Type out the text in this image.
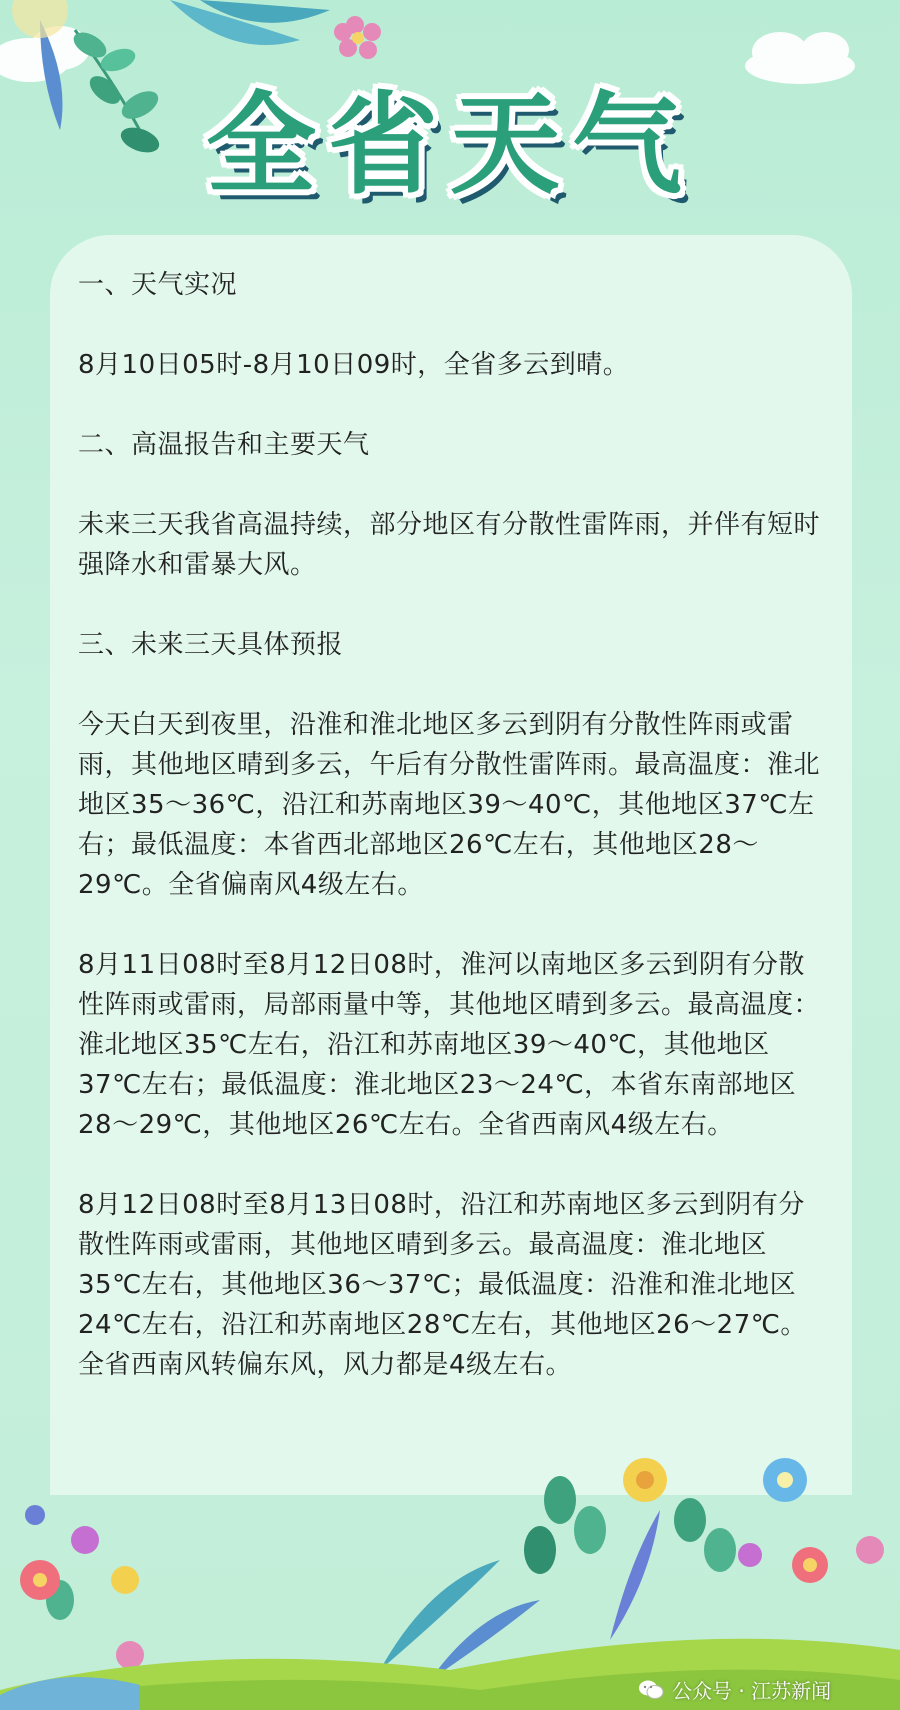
全省天气

一、天气实况

8月10日05时-8月10日09时，全省多云到晴。

二、高温报告和主要天气

未来三天我省高温持续，部分地区有分散性雷阵雨，并伴有短时强降水和雷暴大风。

三、未来三天具体预报

今天白天到夜里，沿淮和淮北地区多云到阴有分散性阵雨或雷雨，其他地区晴到多云，午后有分散性雷阵雨。最高温度：淮北地区35～36℃，沿江和苏南地区39～40℃，其他地区37℃左右；最低温度：本省西北部地区26℃左右，其他地区28～29℃。全省偏南风4级左右。

8月11日08时至8月12日08时，淮河以南地区多云到阴有分散性阵雨或雷雨，局部雨量中等，其他地区晴到多云。最高温度：淮北地区35℃左右，沿江和苏南地区39～40℃，其他地区37℃左右；最低温度：淮北地区23～24℃，本省东南部地区28～29℃，其他地区26℃左右。全省西南风4级左右。

8月12日08时至8月13日08时，沿江和苏南地区多云到阴有分散性阵雨或雷雨，其他地区晴到多云。最高温度：淮北地区35℃左右，其他地区36～37℃；最低温度：沿淮和淮北地区24℃左右，沿江和苏南地区28℃左右，其他地区26～27℃。全省西南风转偏东风，风力都是4级左右。

公众号 · 江苏新闻
